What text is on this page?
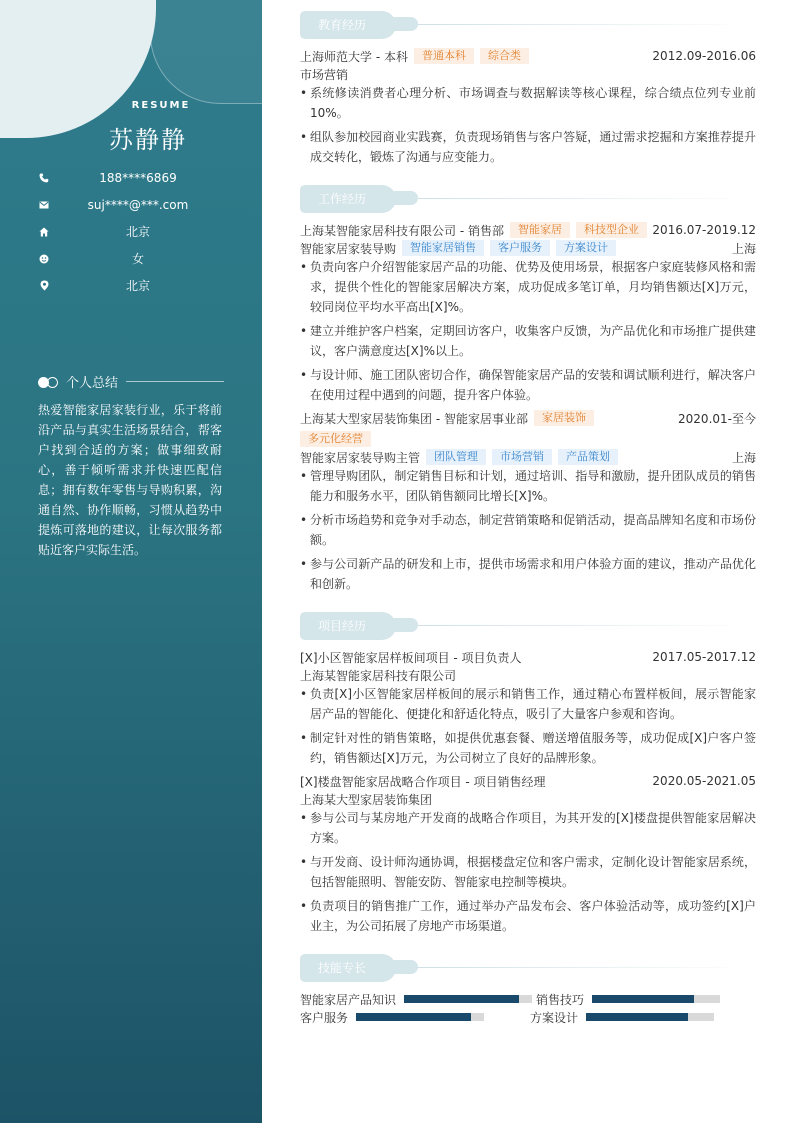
RESUME
苏静静
188****6869
suj****@***.com
北京
女
北京
个人总结
热爱智能家居家装行业，乐于将前沿产品与真实生活场景结合，帮客户找到合适的方案；做事细致耐心，善于倾听需求并快速匹配信息；拥有数年零售与导购积累，沟通自然、协作顺畅，习惯从趋势中提炼可落地的建议，让每次服务都贴近客户实际生活。
教育经历
上海师范大学 - 本科	普通本科	综合类	2012.09-2016.06
市场营销
• 系统修读消费者心理分析、市场调查与数据解读等核心课程，综合绩点位列专业前10%。
• 组队参加校园商业实践赛，负责现场销售与客户答疑，通过需求挖掘和方案推荐提升成交转化，锻炼了沟通与应变能力。
工作经历
上海某智能家居科技有限公司 - 销售部	智能家居	科技型企业	2016.07-2019.12
智能家居家装导购	智能家居销售	客户服务	方案设计	上海
• 负责向客户介绍智能家居产品的功能、优势及使用场景，根据客户家庭装修风格和需求，提供个性化的智能家居解决方案，成功促成多笔订单，月均销售额达[X]万元，较同岗位平均水平高出[X]%。
• 建立并维护客户档案，定期回访客户，收集客户反馈，为产品优化和市场推广提供建议，客户满意度达[X]%以上。
• 与设计师、施工团队密切合作，确保智能家居产品的安装和调试顺利进行，解决客户在使用过程中遇到的问题，提升客户体验。
上海某大型家居装饰集团 - 智能家居事业部	家居装饰	2020.01-至今
多元化经营
智能家居家装导购主管	团队管理	市场营销	产品策划	上海
• 管理导购团队，制定销售目标和计划，通过培训、指导和激励，提升团队成员的销售能力和服务水平，团队销售额同比增长[X]%。
• 分析市场趋势和竞争对手动态，制定营销策略和促销活动，提高品牌知名度和市场份额。
• 参与公司新产品的研发和上市，提供市场需求和用户体验方面的建议，推动产品优化和创新。
项目经历
[X]小区智能家居样板间项目 - 项目负责人	2017.05-2017.12
上海某智能家居科技有限公司
• 负责[X]小区智能家居样板间的展示和销售工作，通过精心布置样板间，展示智能家居产品的智能化、便捷化和舒适化特点，吸引了大量客户参观和咨询。
• 制定针对性的销售策略，如提供优惠套餐、赠送增值服务等，成功促成[X]户客户签约，销售额达[X]万元，为公司树立了良好的品牌形象。
[X]楼盘智能家居战略合作项目 - 项目销售经理	2020.05-2021.05
上海某大型家居装饰集团
• 参与公司与某房地产开发商的战略合作项目，为其开发的[X]楼盘提供智能家居解决方案。
• 与开发商、设计师沟通协调，根据楼盘定位和客户需求，定制化设计智能家居系统，包括智能照明、智能安防、智能家电控制等模块。
• 负责项目的销售推广工作，通过举办产品发布会、客户体验活动等，成功签约[X]户业主，为公司拓展了房地产市场渠道。
技能专长
智能家居产品知识	销售技巧
客户服务	方案设计
